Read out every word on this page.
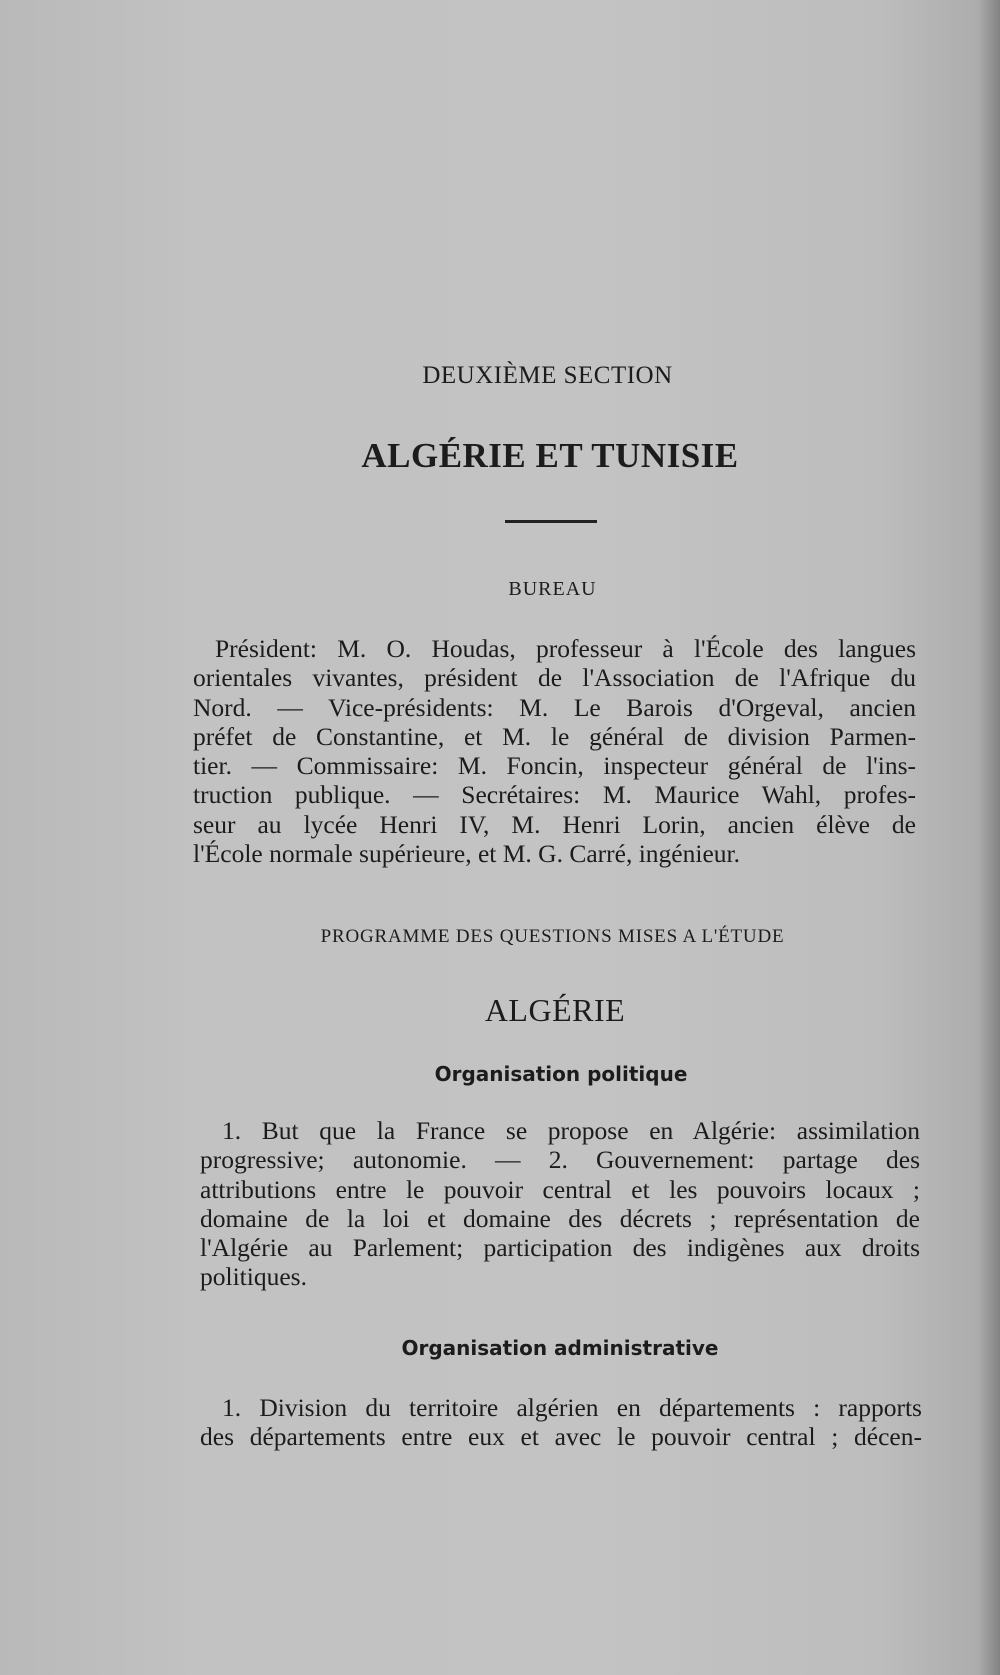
DEUXIÈME SECTION
ALGÉRIE ET TUNISIE
BUREAU
Président: M. O. Houdas, professeur à l'École des langues
orientales vivantes, président de l'Association de l'Afrique du
Nord. — Vice-présidents: M. Le Barois d'Orgeval, ancien
préfet de Constantine, et M. le général de division Parmen-
tier. — Commissaire: M. Foncin, inspecteur général de l'ins-
truction publique. — Secrétaires: M. Maurice Wahl, profes-
seur au lycée Henri IV, M. Henri Lorin, ancien élève de
l'École normale supérieure, et M. G. Carré, ingénieur.
PROGRAMME DES QUESTIONS MISES A L'ÉTUDE
ALGÉRIE
Organisation politique
1. But que la France se propose en Algérie: assimilation
progressive; autonomie. — 2. Gouvernement: partage des
attributions entre le pouvoir central et les pouvoirs locaux ;
domaine de la loi et domaine des décrets ; représentation de
l'Algérie au Parlement; participation des indigènes aux droits
politiques.
Organisation administrative
1. Division du territoire algérien en départements : rapports
des départements entre eux et avec le pouvoir central ; décen-
